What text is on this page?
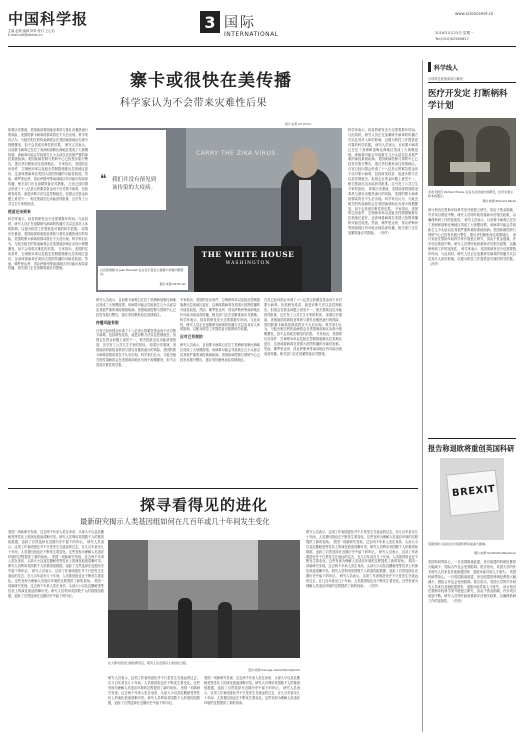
中国科学报
主编 赵路 编辑 阿珍 校对 王心怡
E-mail:intl@stimes.cn
3 国际
INTERNATIONAL
www.sciencenet.cn
2016年5月23日 星期一
Tel:(010)62580617
寨卡或很快在美传播
科学家认为不会带来灾难性后果
如果历史重演，美国南部将面临登革热与基孔肯雅热流行的风险，美国的寨卡病毒疫情或将在不久后出现。科学家们认为，与蚊虫相关的传染病将会在美国南部地区出现小规模暴发，但不会造成灾难性的后果。 研究人员表示，目前寨卡病毒已在拉丁美洲和加勒比海地区造成了大规模疫情，该病毒可能会导致新生儿小头症以及其他严重的神经系统疾病。美国疾病控制与预防中心已经发布旅行警告，建议孕妇避免前往疫情地区。 专家指出，美国的住房条件、空调使用率以及蚊虫控制措施都比拉美地区更好，这意味着病毒在美国大范围传播的可能性较低。然而，佛罗里达州、得克萨斯州等南部地区仍可能出现局部传播，相关部门正在加紧准备应对措施。 白宫已经向国会申请了十八亿美元的紧急资金用于应对寨卡病毒，包括研发疫苗、改进诊断方法以及控制蚊虫。但国会在资金问题上意见不一，相关拨款迟迟未能获得批准，这引发了公共卫生专家的担忧。
疫苗还未到来
科学家表示，疫苗的研发至少还需要数年时间。与此同时，研究人员正在加紧研究病毒的传播方式以及其对人体的影响，以便为防控工作提供更可靠的科学依据。 如果历史重演，美国南部将面临登革热与基孔肯雅热流行的风险，美国的寨卡病毒疫情或将在不久后出现。科学家们认为，与蚊虫相关的传染病将会在美国南部地区出现小规模暴发，但不会造成灾难性的后果。 专家指出，美国的住房条件、空调使用率以及蚊虫控制措施都比拉美地区更好，这意味着病毒在美国大范围传播的可能性较低。然而，佛罗里达州、得克萨斯州等南部地区仍可能出现局部传播，相关部门正在加紧准备应对措施。
CARRY THE ZIKA VIRUS
THE WHITE HOUSE
WASHINGTON
白宫新闻秘书 Josh Earnest 在白宫记者会上就寨卡病毒问题答问。
图片来源:AP Photo
❝ 我们并没有预见到该传染的大疫病。
图片来源:AP Photo
研究人员表示，目前寨卡病毒已在拉丁美洲和加勒比海地区造成了大规模疫情，该病毒可能会导致新生儿小头症以及其他严重的神经系统疾病。美国疾病控制与预防中心已经发布旅行警告，建议孕妇避免前往疫情地区。
传播风险有限
白宫已经向国会申请了十八亿美元的紧急资金用于应对寨卡病毒，包括研发疫苗、改进诊断方法以及控制蚊虫。但国会在资金问题上意见不一，相关拨款迟迟未能获得批准，这引发了公共卫生专家的担忧。 如果历史重演，美国南部将面临登革热与基孔肯雅热流行的风险，美国的寨卡病毒疫情或将在不久后出现。科学家们认为，与蚊虫相关的传染病将会在美国南部地区出现小规模暴发，但不会造成灾难性的后果。
专家指出，美国的住房条件、空调使用率以及蚊虫控制措施都比拉美地区更好，这意味着病毒在美国大范围传播的可能性较低。然而，佛罗里达州、得克萨斯州等南部地区仍可能出现局部传播，相关部门正在加紧准备应对措施。 科学家表示，疫苗的研发至少还需要数年时间。与此同时，研究人员正在加紧研究病毒的传播方式以及其对人体的影响，以便为防控工作提供更可靠的科学依据。
应对已有预防
研究人员表示，目前寨卡病毒已在拉丁美洲和加勒比海地区造成了大规模疫情，该病毒可能会导致新生儿小头症以及其他严重的神经系统疾病。美国疾病控制与预防中心已经发布旅行警告，建议孕妇避免前往疫情地区。
白宫已经向国会申请了十八亿美元的紧急资金用于应对寨卡病毒，包括研发疫苗、改进诊断方法以及控制蚊虫。但国会在资金问题上意见不一，相关拨款迟迟未能获得批准，这引发了公共卫生专家的担忧。 如果历史重演，美国南部将面临登革热与基孔肯雅热流行的风险，美国的寨卡病毒疫情或将在不久后出现。科学家们认为，与蚊虫相关的传染病将会在美国南部地区出现小规模暴发，但不会造成灾难性的后果。 专家指出，美国的住房条件、空调使用率以及蚊虫控制措施都比拉美地区更好，这意味着病毒在美国大范围传播的可能性较低。然而，佛罗里达州、得克萨斯州等南部地区仍可能出现局部传播，相关部门正在加紧准备应对措施。
科学家表示，疫苗的研发至少还需要数年时间。与此同时，研究人员正在加紧研究病毒的传播方式以及其对人体的影响，以便为防控工作提供更可靠的科学依据。 研究人员表示，目前寨卡病毒已在拉丁美洲和加勒比海地区造成了大规模疫情，该病毒可能会导致新生儿小头症以及其他严重的神经系统疾病。美国疾病控制与预防中心已经发布旅行警告，建议孕妇避免前往疫情地区。 白宫已经向国会申请了十八亿美元的紧急资金用于应对寨卡病毒，包括研发疫苗、改进诊断方法以及控制蚊虫。但国会在资金问题上意见不一，相关拨款迟迟未能获得批准，这引发了公共卫生专家的担忧。 如果历史重演，美国南部将面临登革热与基孔肯雅热流行的风险，美国的寨卡病毒疫情或将在不久后出现。科学家们认为，与蚊虫相关的传染病将会在美国南部地区出现小规模暴发，但不会造成灾难性的后果。 专家指出，美国的住房条件、空调使用率以及蚊虫控制措施都比拉美地区更好，这意味着病毒在美国大范围传播的可能性较低。然而，佛罗里达州、得克萨斯州等南部地区仍可能出现局部传播，相关部门正在加紧准备应对措施。 （冯莎）
科学线人
全球科技政策新闻与解析
医疗开发定 打断柄科学计划
圣迭戈附近 Richard Parks 在其为会员做出的研究，给学生展示样本的图片。
图片来源:Richard Parks
该计划旨在帮助年轻科学家开展独立研究，但由于资金削减，许多项目被迫中断。研究人员呼吁政府重新评估相关政策，以确保科研工作的连续性。 研究人员表示，目前寨卡病毒已在拉丁美洲和加勒比海地区造成了大规模疫情，该病毒可能会导致新生儿小头症以及其他严重的神经系统疾病。美国疾病控制与预防中心已经发布旅行警告，建议孕妇避免前往疫情地区。 该计划旨在帮助年轻科学家开展独立研究，但由于资金削减，许多项目被迫中断。研究人员呼吁政府重新评估相关政策，以确保科研工作的连续性。 科学家表示，疫苗的研发至少还需要数年时间。与此同时，研究人员正在加紧研究病毒的传播方式以及其对人体的影响，以便为防控工作提供更可靠的科学依据。 （冯莎）
报告称退欧将重创英国科研
BREXIT
英国退欧公投将会对英国科研造成重大影响。
图片来源:Smith/Shutterstock
英国科研界担心，一旦英国脱离欧盟，来自欧盟的科研经费将大幅减少，国际合作也会受到阻碍。报告指出，英国大学的许多研究人员来自其他欧盟国家，退欧可能导致人才流失。 英国科研界担心，一旦英国脱离欧盟，来自欧盟的科研经费将大幅减少，国际合作也会受到阻碍。报告指出，英国大学的许多研究人员来自其他欧盟国家，退欧可能导致人才流失。 该计划旨在帮助年轻科学家开展独立研究，但由于资金削减，许多项目被迫中断。研究人员呼吁政府重新评估相关政策，以确保科研工作的连续性。 （冯莎）
探寻看得见的进化
最新研究揭示人类基因组如何在几百年或几十年间发生变化
美国一项新研究发现，过去两千年来人类在身高、头部大小以及乳糖耐受等性状上的演化痕迹清晰可见。研究人员利用英国数千人的基因组数据，追踪了自然选择在近期历史中留下的印记。 研究人员表示，这项工作表明进化并不只是发生在遥远的过去，在几百年甚至几十年间，人类基因组也在不断发生着变化。这些发现为理解人类适应环境的过程提供了新的视角。 美国一项新研究发现，过去两千年来人类在身高、头部大小以及乳糖耐受等性状上的演化痕迹清晰可见。研究人员利用英国数千人的基因组数据，追踪了自然选择在近期历史中留下的印记。 研究人员表示，这项工作表明进化并不只是发生在遥远的过去，在几百年甚至几十年间，人类基因组也在不断发生着变化。这些发现为理解人类适应环境的过程提供了新的视角。 美国一项新研究发现，过去两千年来人类在身高、头部大小以及乳糖耐受等性状上的演化痕迹清晰可见。研究人员利用英国数千人的基因组数据，追踪了自然选择在近期历史中留下的印记。
在大都市里进行细致研究后，研究人员发现其人类进化过程，
图片来源:George Clerk/iStockphoto
研究人员表示，这项工作表明进化并不只是发生在遥远的过去，在几百年甚至几十年间，人类基因组也在不断发生着变化。这些发现为理解人类适应环境的过程提供了新的视角。 美国一项新研究发现，过去两千年来人类在身高、头部大小以及乳糖耐受等性状上的演化痕迹清晰可见。研究人员利用英国数千人的基因组数据，追踪了自然选择在近期历史中留下的印记。
美国一项新研究发现，过去两千年来人类在身高、头部大小以及乳糖耐受等性状上的演化痕迹清晰可见。研究人员利用英国数千人的基因组数据，追踪了自然选择在近期历史中留下的印记。 研究人员表示，这项工作表明进化并不只是发生在遥远的过去，在几百年甚至几十年间，人类基因组也在不断发生着变化。这些发现为理解人类适应环境的过程提供了新的视角。
研究人员表示，这项工作表明进化并不只是发生在遥远的过去，在几百年甚至几十年间，人类基因组也在不断发生着变化。这些发现为理解人类适应环境的过程提供了新的视角。 美国一项新研究发现，过去两千年来人类在身高、头部大小以及乳糖耐受等性状上的演化痕迹清晰可见。研究人员利用英国数千人的基因组数据，追踪了自然选择在近期历史中留下的印记。 研究人员表示，这项工作表明进化并不只是发生在遥远的过去，在几百年甚至几十年间，人类基因组也在不断发生着变化。这些发现为理解人类适应环境的过程提供了新的视角。 美国一项新研究发现，过去两千年来人类在身高、头部大小以及乳糖耐受等性状上的演化痕迹清晰可见。研究人员利用英国数千人的基因组数据，追踪了自然选择在近期历史中留下的印记。 研究人员表示，这项工作表明进化并不只是发生在遥远的过去，在几百年甚至几十年间，人类基因组也在不断发生着变化。这些发现为理解人类适应环境的过程提供了新的视角。 （冯莎）
